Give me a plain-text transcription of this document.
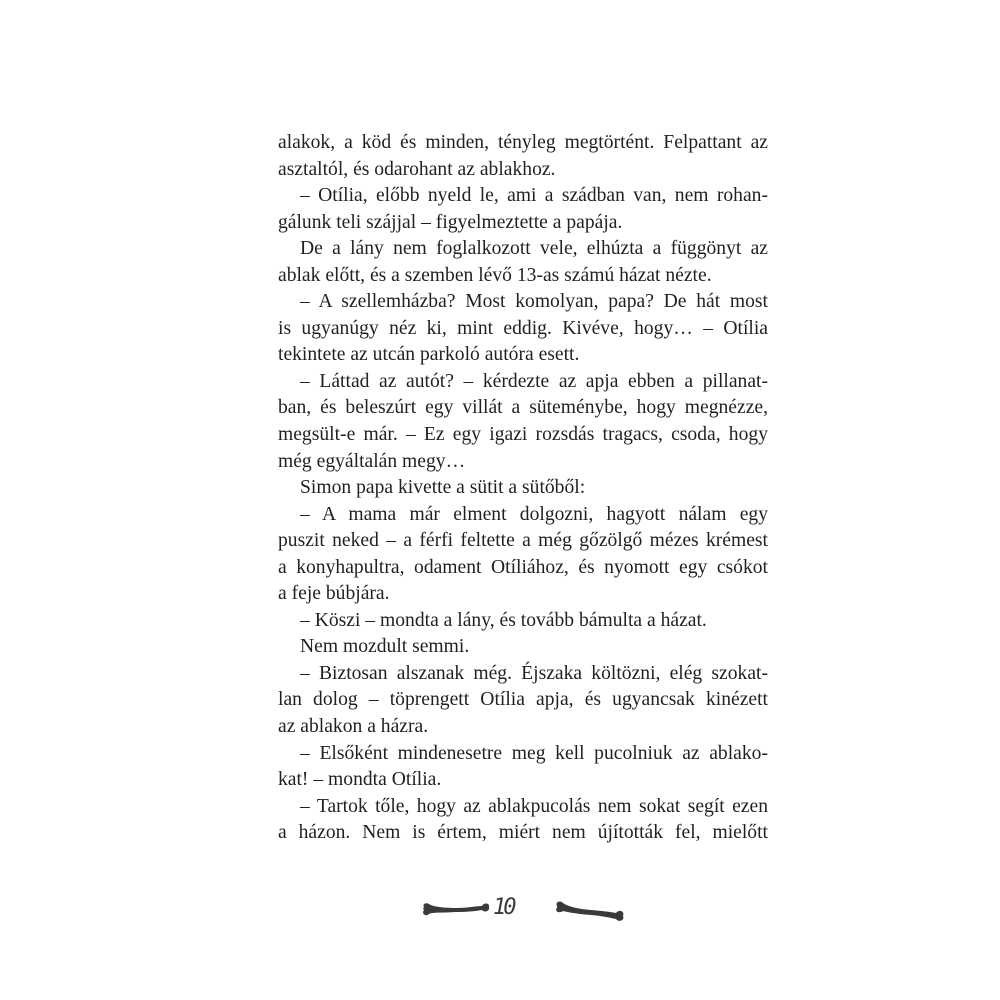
alakok, a köd és minden, tényleg megtörtént. Felpattant az
asztaltól, és odarohant az ablakhoz.
– Otília, előbb nyeld le, ami a szádban van, nem rohan-
gálunk teli szájjal – figyelmeztette a papája.
De a lány nem foglalkozott vele, elhúzta a függönyt az
ablak előtt, és a szemben lévő 13-as számú házat nézte.
– A szellemházba? Most komolyan, papa? De hát most
is ugyanúgy néz ki, mint eddig. Kivéve, hogy… – Otília
tekintete az utcán parkoló autóra esett.
– Láttad az autót? – kérdezte az apja ebben a pillanat-
ban, és beleszúrt egy villát a süteménybe, hogy megnézze,
megsült-e már. – Ez egy igazi rozsdás tragacs, csoda, hogy
még egyáltalán megy…
Simon papa kivette a sütit a sütőből:
– A mama már elment dolgozni, hagyott nálam egy
puszit neked – a férfi feltette a még gőzölgő mézes krémest
a konyhapultra, odament Otíliához, és nyomott egy csókot
a feje búbjára.
– Köszi – mondta a lány, és tovább bámulta a házat.
Nem mozdult semmi.
– Biztosan alszanak még. Éjszaka költözni, elég szokat-
lan dolog – töprengett Otília apja, és ugyancsak kinézett
az ablakon a házra.
– Elsőként mindenesetre meg kell pucolniuk az ablako-
kat! – mondta Otília.
– Tartok tőle, hogy az ablakpucolás nem sokat segít ezen
a házon. Nem is értem, miért nem újították fel, mielőtt
10
